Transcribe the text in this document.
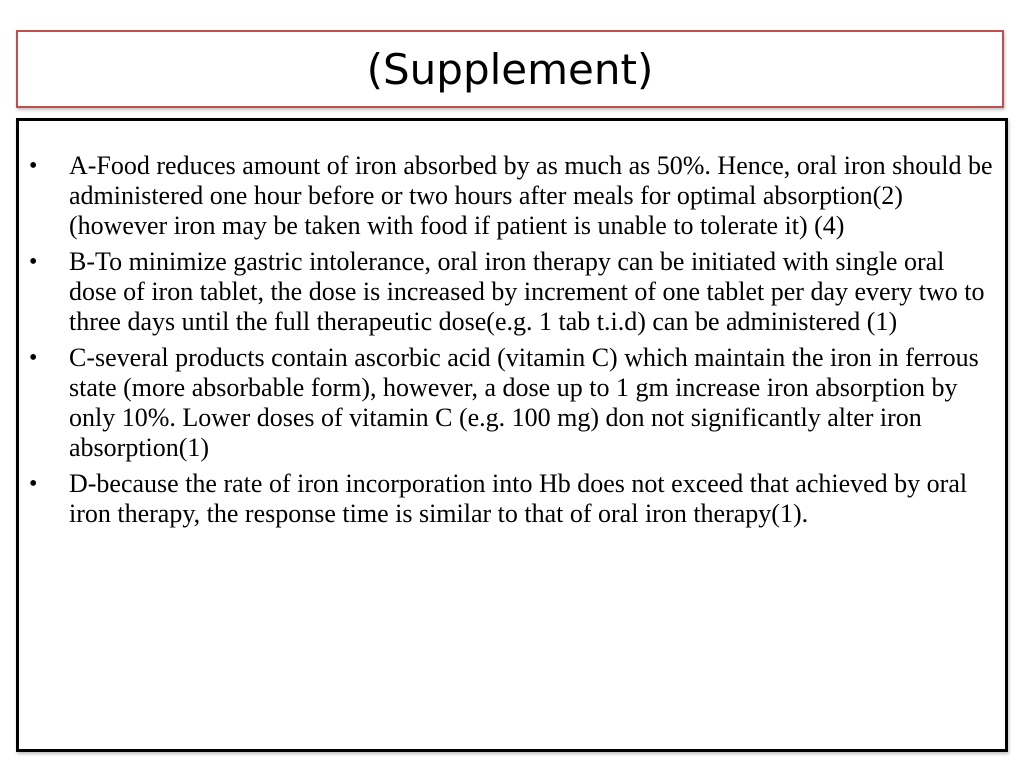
(Supplement)
• A-Food reduces amount of iron absorbed by as much as 50%. Hence, oral iron should be administered one hour before or two hours after meals for optimal absorption(2) (however iron may be taken with food if patient is unable to tolerate it) (4)
• B-To minimize gastric intolerance, oral iron therapy can be initiated with single oral dose of iron tablet, the dose is increased by increment of one tablet per day every two to three days until the full therapeutic dose(e.g. 1 tab t.i.d) can be administered (1)
• C-several products contain ascorbic acid (vitamin C) which maintain the iron in ferrous state (more absorbable form), however, a dose up to 1 gm increase iron absorption by only 10%. Lower doses of vitamin C (e.g. 100 mg) don not significantly alter iron absorption(1)
• D-because the rate of iron incorporation into Hb does not exceed that achieved by oral iron therapy, the response time is similar to that of oral iron therapy(1).
